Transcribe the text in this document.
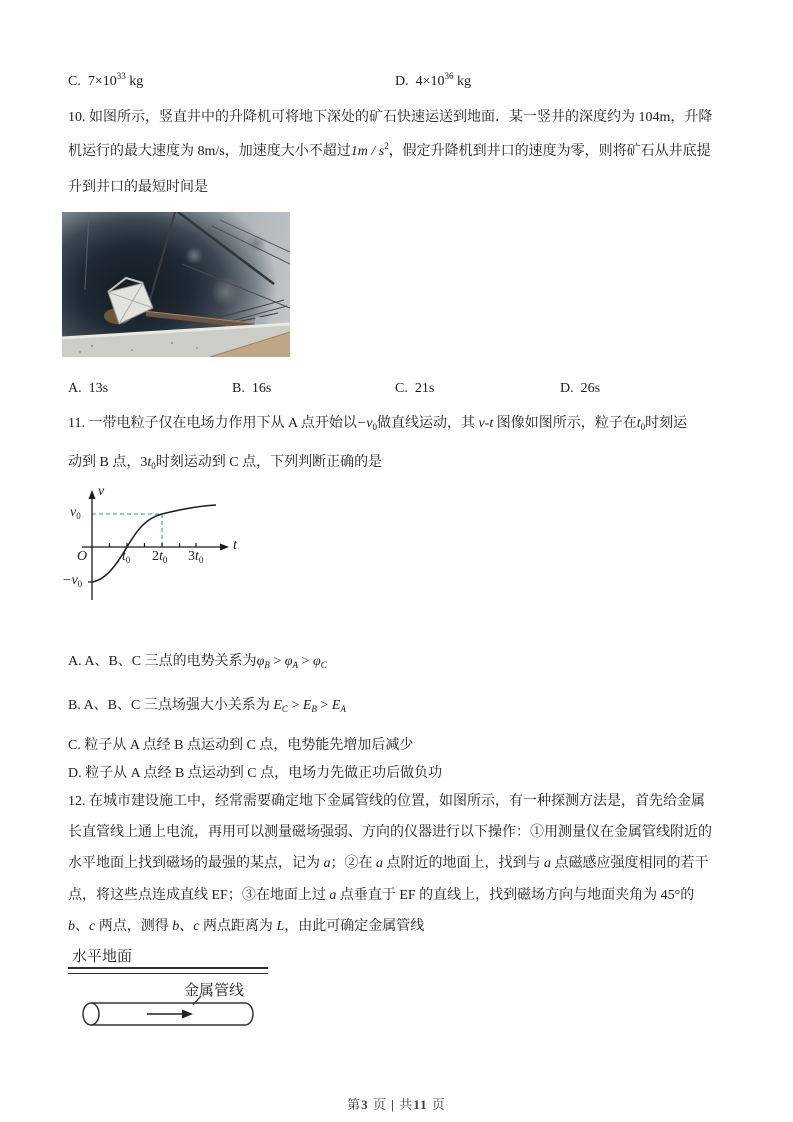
C. $7\times 10^{33}$ kg	D. $4\times 10^{36}$ kg
10. 如图所示，竖直井中的升降机可将地下深处的矿石快速运送到地面．某一竖井的深度约为 104m，升降
机运行的最大速度为 8m/s，加速度大小不超过$1m / s^2$，假定升降机到井口的速度为零，则将矿石从井底提
升到井口的最短时间是
A. 13s	B. 16s	C. 21s	D. 26s
11. 一带电粒子仅在电场力作用下从 A 点开始以$-v_0$做直线运动，其 v-t 图像如图所示，粒子在$t_0$时刻运
动到 B 点，$3t_0$时刻运动到 C 点，下列判断正确的是
v
t
O
$v_0$
$-v_0$
$t_0$ $2t_0$ $3t_0$
A. A、B、C 三点的电势关系为$\varphi_B > \varphi_A > \varphi_C$
B. A、B、C 三点场强大小关系为 $E_C > E_B > E_A$
C. 粒子从 A 点经 B 点运动到 C 点，电势能先增加后减少
D. 粒子从 A 点经 B 点运动到 C 点，电场力先做正功后做负功
12. 在城市建设施工中，经常需要确定地下金属管线的位置，如图所示，有一种探测方法是，首先给金属
长直管线上通上电流，再用可以测量磁场强弱、方向的仪器进行以下操作：①用测量仪在金属管线附近的
水平地面上找到磁场的最强的某点，记为 a；②在 a 点附近的地面上，找到与 a 点磁感应强度相同的若干
点，将这些点连成直线 EF；③在地面上过 a 点垂直于 EF 的直线上，找到磁场方向与地面夹角为 45°的
b、c 两点，测得 b、c 两点距离为 L，由此可确定金属管线
水平地面
金属管线
第3 页 | 共11 页
